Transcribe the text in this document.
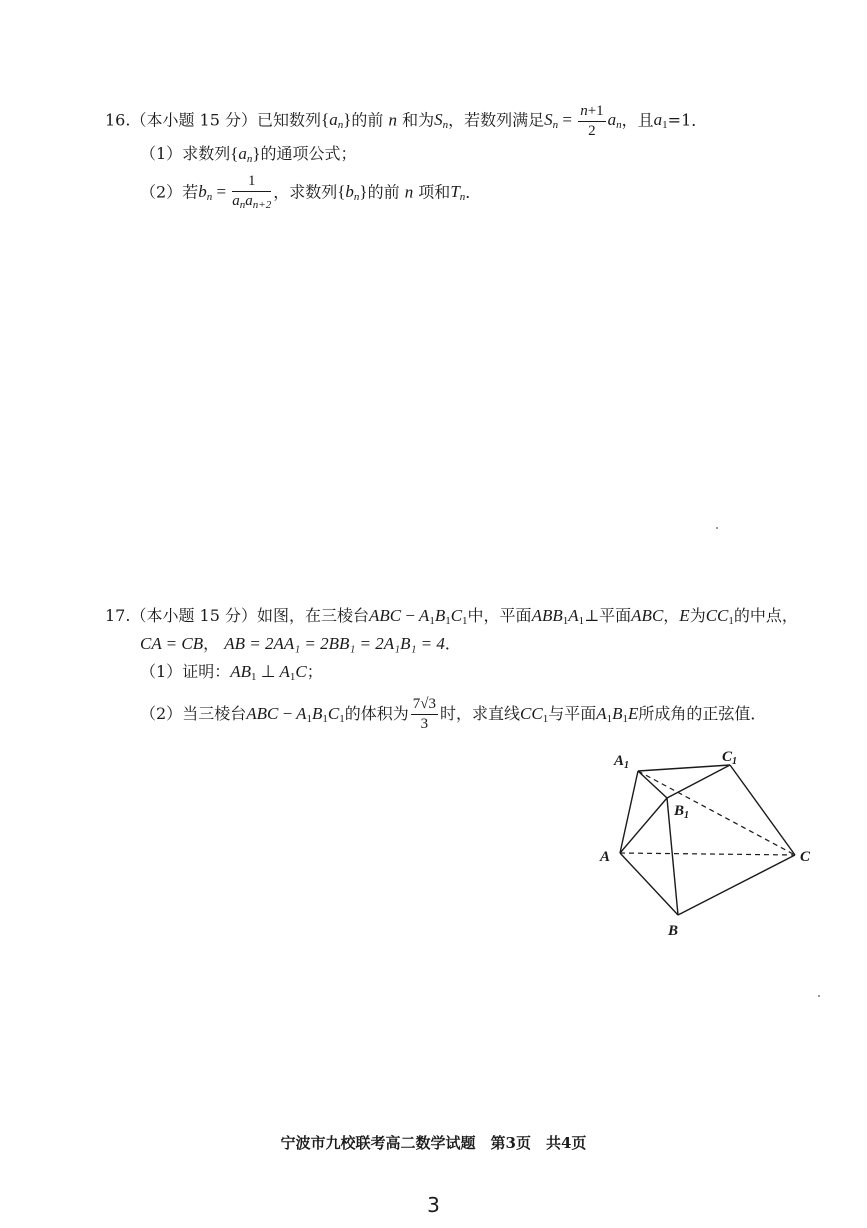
16.（本小题 15 分）已知数列$\{a_n\}$的前 n 和为$S_n$，若数列满足$S_n = \frac{n+1}{2} a_n$，且$a_1=1$．
（1）求数列$\{a_n\}$的通项公式；
（2）若$b_n = \frac{1}{a_na_{n+2}}$ ，求数列$\{b_n\}$的前 n 项和$T_n$．
17.（本小题 15 分）如图，在三棱台ABC − $A_1B_1C_1$中，平面$ABB_1A_1\perp$平面ABC，E为$CC_1$的中点，
CA = CB， AB = 2AA₁ = 2BB₁ = 2A₁B₁ = 4．
（1）证明：$AB_1$ ⊥ $A_1C$；
（2）当三棱台ABC − $A_1B_1C_1$的体积为 $\frac{7√3}{3}$ 时，求直线$CC_1$与平面$A_1B_1E$所成角的正弦值．
$A_1$
$C_1$
$B_1$
A	C
B
宁波市九校联考高二数学试题　第3页　共4页
3
